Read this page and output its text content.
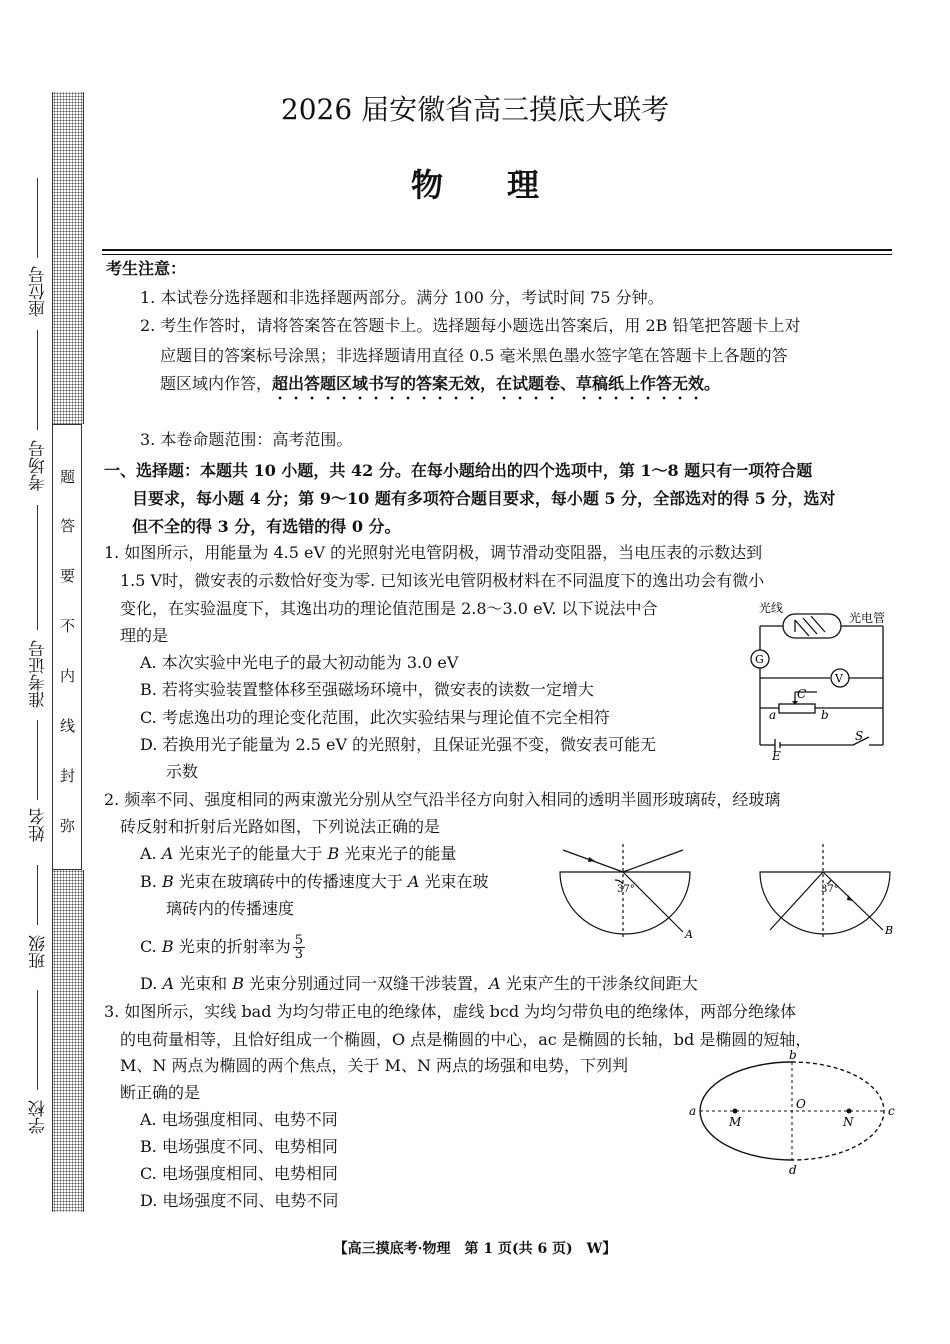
题
答
要
不
内
线
封
弥
座位号
考场号
准考证号
姓名
班级
学校
2026 届安徽省高三摸底大联考
物　　理
考生注意：
1. 本试卷分选择题和非选择题两部分。满分 100 分，考试时间 75 分钟。
2. 考生作答时，请将答案答在答题卡上。选择题每小题选出答案后，用 2B 铅笔把答题卡上对
应题目的答案标号涂黑；非选择题请用直径 0.5 毫米黑色墨水签字笔在答题卡上各题的答
题区域内作答，超出答题区域书写的答案无效，在试题卷、草稿纸上作答无效。
3. 本卷命题范围：高考范围。
一、选择题：本题共 10 小题，共 42 分。在每小题给出的四个选项中，第 1～8 题只有一项符合题
目要求，每小题 4 分；第 9～10 题有多项符合题目要求，每小题 5 分，全部选对的得 5 分，选对
但不全的得 3 分，有选错的得 0 分。
1. 如图所示，用能量为 4.5 eV 的光照射光电管阴极，调节滑动变阻器，当电压表的示数达到
1.5 V时，微安表的示数恰好变为零. 已知该光电管阴极材料在不同温度下的逸出功会有微小
变化，在实验温度下，其逸出功的理论值范围是 2.8～3.0 eV. 以下说法中合
理的是
A. 本次实验中光电子的最大初动能为 3.0 eV
B. 若将实验装置整体移至强磁场环境中，微安表的读数一定增大
C. 考虑逸出功的理论变化范围，此次实验结果与理论值不完全相符
D. 若换用光子能量为 2.5 eV 的光照射，且保证光强不变，微安表可能无
示数
光线
光电管
G
V
C
a	b
E
S
2. 频率不同、强度相同的两束激光分别从空气沿半径方向射入相同的透明半圆形玻璃砖，经玻璃
砖反射和折射后光路如图，下列说法正确的是
A. A 光束光子的能量大于 B 光束光子的能量
B. B 光束在玻璃砖中的传播速度大于 A 光束在玻
璃砖内的传播速度
C. B 光束的折射率为 $\frac{5}{3}$
D. A 光束和 B 光束分别通过同一双缝干涉装置，A 光束产生的干涉条纹间距大
37°
A
37°
B
3. 如图所示，实线 bad 为均匀带正电的绝缘体，虚线 bcd 为均匀带负电的绝缘体，两部分绝缘体
的电荷量相等，且恰好组成一个椭圆，O 点是椭圆的中心，ac 是椭圆的长轴，bd 是椭圆的短轴，
M、N 两点为椭圆的两个焦点，关于 M、N 两点的场强和电势，下列判
断正确的是
A. 电场强度相同、电势不同
B. 电场强度不同、电势相同
C. 电场强度相同、电势相同
D. 电场强度不同、电势不同
a	c
b
d
O
M	N
【高三摸底考·物理　第 1 页(共 6 页)　W】
